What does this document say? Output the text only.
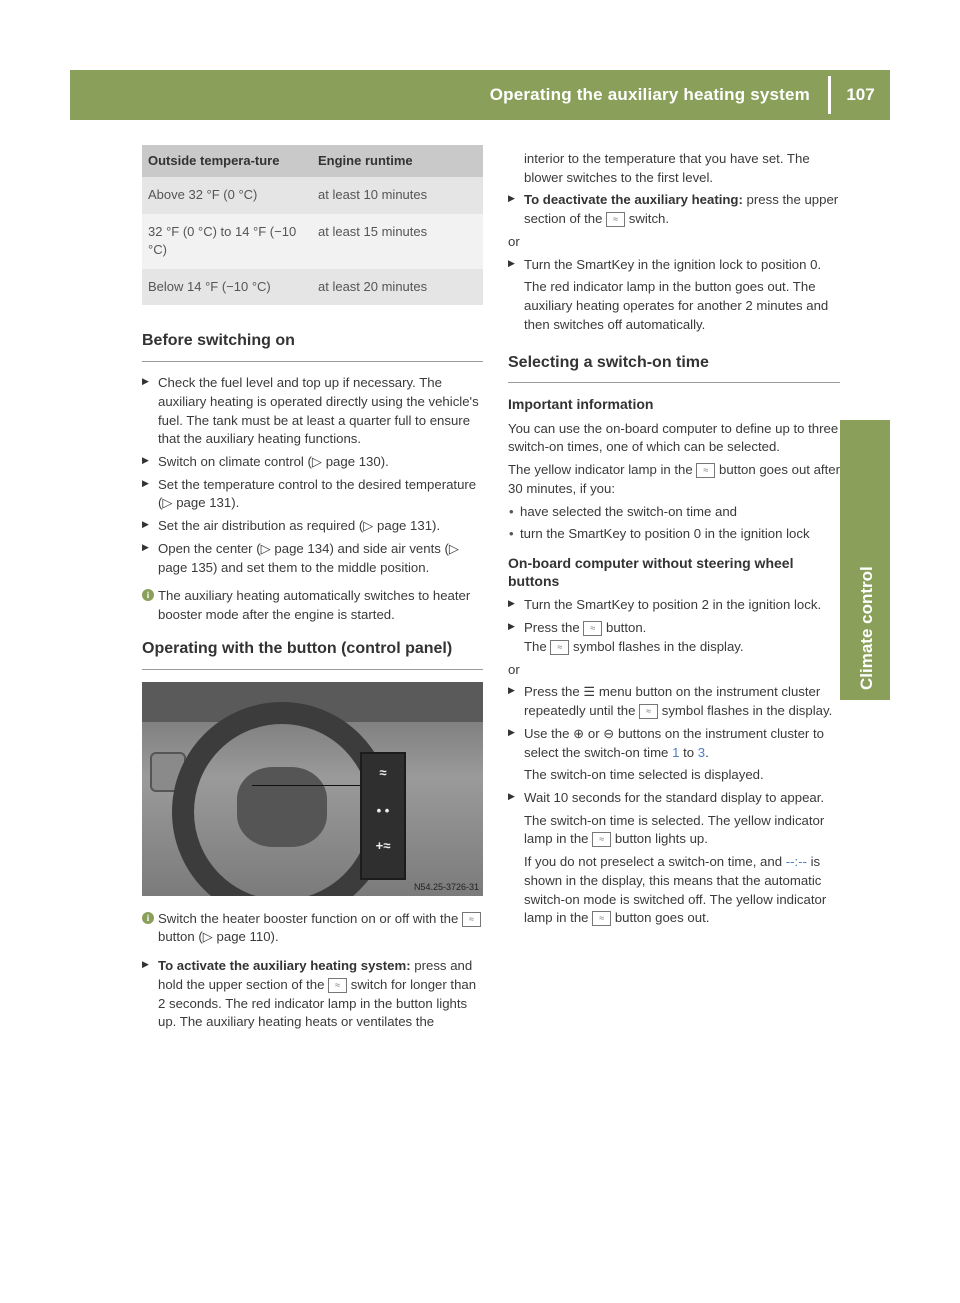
Operating the auxiliary heating system	107
Climate control
Outside tempera-ture	Engine runtime
Above 32 °F (0 °C)	at least 10 minutes
32 °F (0 °C) to 14 °F (−10 °C)	at least 15 minutes
Below 14 °F (−10 °C)	at least 20 minutes
Before switching on
▶ Check the fuel level and top up if necessary. The auxiliary heating is operated directly using the vehicle's fuel. The tank must be at least a quarter full to ensure that the auxiliary heating functions.
▶ Switch on climate control (▷ page 130).
▶ Set the temperature control to the desired temperature (▷ page 131).
▶ Set the air distribution as required (▷ page 131).
▶ Open the center (▷ page 134) and side air vents (▷ page 135) and set them to the middle position.
i The auxiliary heating automatically switches to heater booster mode after the engine is started.
Operating with the button (control panel)
≈
• •
+≈
N54.25-3726-31
i Switch the heater booster function on or off with the ≈ button (▷ page 110).
▶ To activate the auxiliary heating system: press and hold the upper section of the ≈ switch for longer than 2 seconds. The red indicator lamp in the button lights up. The auxiliary heating heats or ventilates the

interior to the temperature that you have set. The blower switches to the first level.

▶ To deactivate the auxiliary heating: press the upper section of the ≈ switch.

or

▶ Turn the SmartKey in the ignition lock to position 0.

The red indicator lamp in the button goes out. The auxiliary heating operates for another 2 minutes and then switches off automatically.

Selecting a switch-on time
Important information

You can use the on-board computer to define up to three switch-on times, one of which can be selected.

The yellow indicator lamp in the ≈ button goes out after 30 minutes, if you:

• have selected the switch-on time and
• turn the SmartKey to position 0 in the ignition lock
On-board computer without steering wheel buttons
▶ Turn the SmartKey to position 2 in the ignition lock.
▶ Press the ≈ button.
The ≈ symbol flashes in the display.

or

▶ Press the ☰ menu button on the instrument cluster repeatedly until the ≈ symbol flashes in the display.
▶ Use the ⊕ or ⊖ buttons on the instrument cluster to select the switch-on time 1 to 3.

The switch-on time selected is displayed.

▶ Wait 10 seconds for the standard display to appear.

The switch-on time is selected. The yellow indicator lamp in the ≈ button lights up.

If you do not preselect a switch-on time, and --:-- is shown in the display, this means that the automatic switch-on mode is switched off. The yellow indicator lamp in the ≈ button goes out.
